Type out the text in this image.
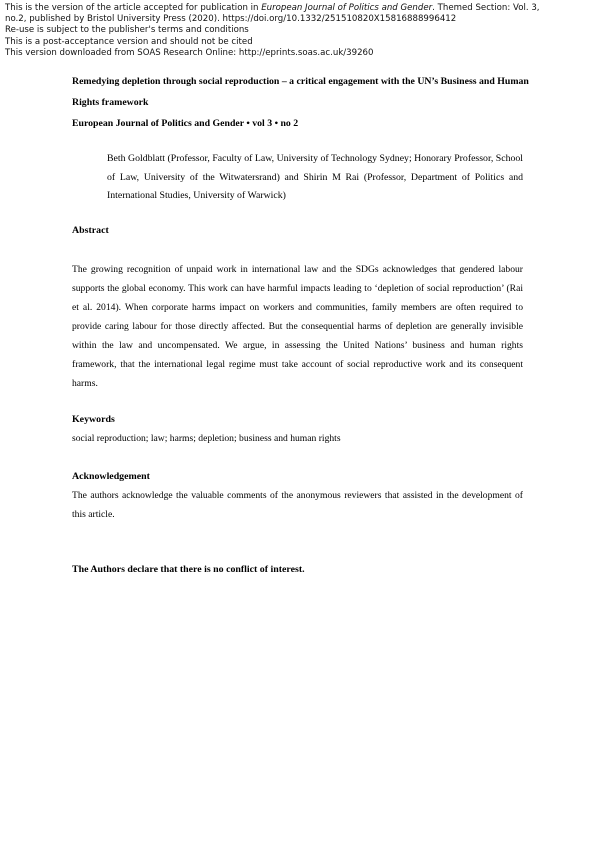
This is the version of the article accepted for publication in European Journal of Politics and Gender. Themed Section: Vol. 3,
no.2, published by Bristol University Press (2020). https://doi.org/10.1332/251510820X15816888996412
Re-use is subject to the publisher's terms and conditions
This is a post-acceptance version and should not be cited
This version downloaded from SOAS Research Online: http://eprints.soas.ac.uk/39260
Remedying depletion through social reproduction – a critical engagement with the UN’s Business and Human Rights framework
European Journal of Politics and Gender • vol 3 • no 2
Beth Goldblatt (Professor, Faculty of Law, University of Technology Sydney; Honorary Professor, School of Law, University of the Witwatersrand) and Shirin M Rai (Professor, Department of Politics and International Studies, University of Warwick)
Abstract
The growing recognition of unpaid work in international law and the SDGs acknowledges that gendered labour supports the global economy. This work can have harmful impacts leading to ‘depletion of social reproduction’ (Rai et al. 2014). When corporate harms impact on workers and communities, family members are often required to provide caring labour for those directly affected. But the consequential harms of depletion are generally invisible within the law and uncompensated. We argue, in assessing the United Nations’ business and human rights framework, that the international legal regime must take account of social reproductive work and its consequent harms.
Keywords
social reproduction; law; harms; depletion; business and human rights
Acknowledgement
The authors acknowledge the valuable comments of the anonymous reviewers that assisted in the development of this article.
The Authors declare that there is no conflict of interest.
